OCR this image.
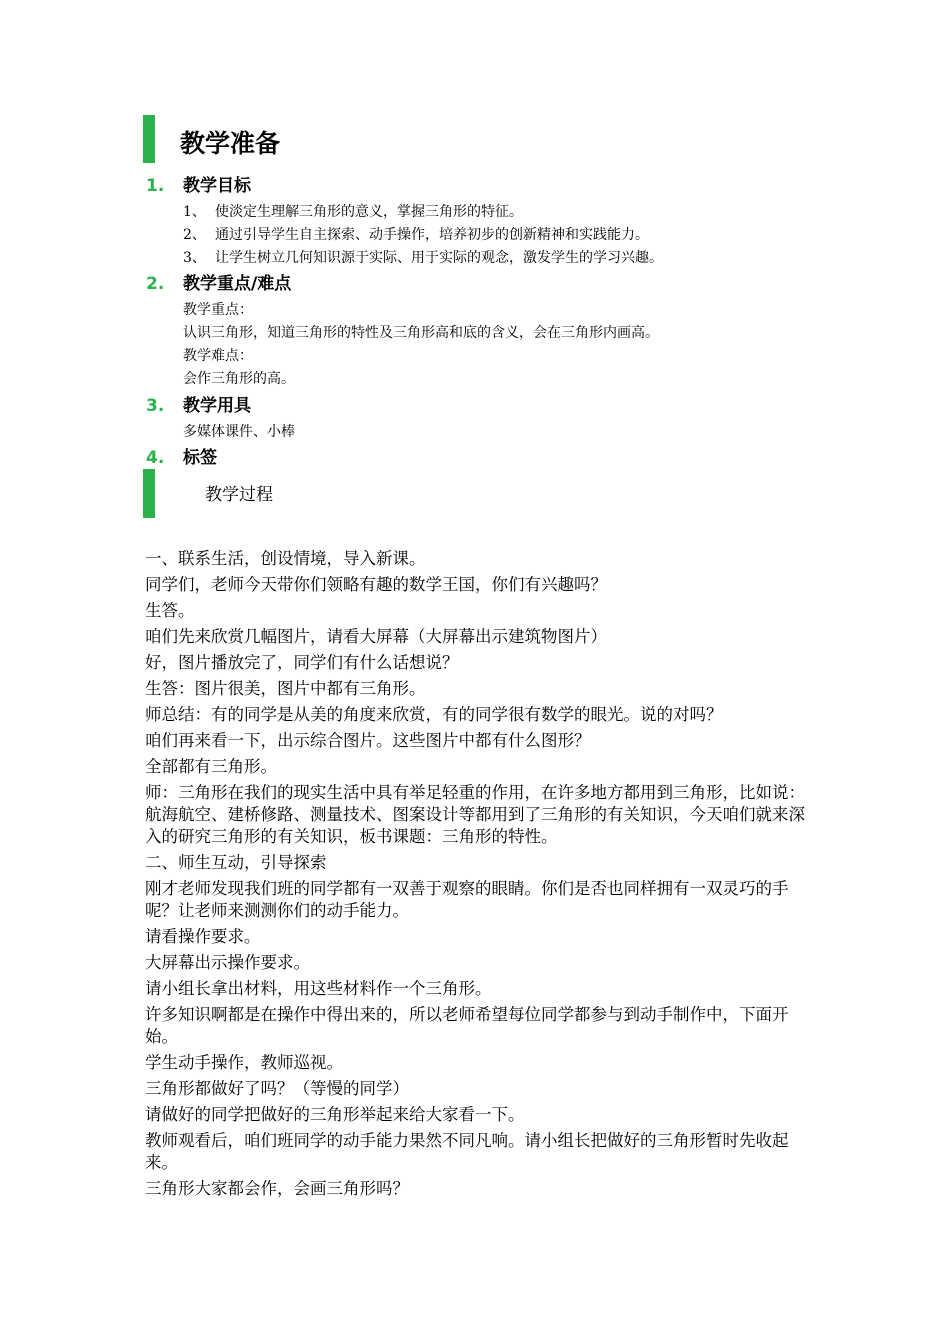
教学准备
1. 教学目标
1、 使淡定生理解三角形的意义，掌握三角形的特征。
2、 通过引导学生自主探索、动手操作，培养初步的创新精神和实践能力。
3、 让学生树立几何知识源于实际、用于实际的观念，激发学生的学习兴趣。
2. 教学重点/难点
教学重点：
认识三角形，知道三角形的特性及三角形高和底的含义，会在三角形内画高。
教学难点：
会作三角形的高。
3. 教学用具
多媒体课件、小棒
4. 标签
教学过程

一、联系生活，创设情境，导入新课。

同学们，老师今天带你们领略有趣的数学王国，你们有兴趣吗？

生答。

咱们先来欣赏几幅图片，请看大屏幕（大屏幕出示建筑物图片）

好，图片播放完了，同学们有什么话想说？

生答：图片很美，图片中都有三角形。

师总结：有的同学是从美的角度来欣赏，有的同学很有数学的眼光。说的对吗？

咱们再来看一下，出示综合图片。这些图片中都有什么图形？

全部都有三角形。

师：三角形在我们的现实生活中具有举足轻重的作用，在许多地方都用到三角形，比如说：航海航空、建桥修路、测量技术、图案设计等都用到了三角形的有关知识，今天咱们就来深入的研究三角形的有关知识，板书课题：三角形的特性。

二、师生互动，引导探索

刚才老师发现我们班的同学都有一双善于观察的眼睛。你们是否也同样拥有一双灵巧的手呢？让老师来测测你们的动手能力。

请看操作要求。

大屏幕出示操作要求。

请小组长拿出材料，用这些材料作一个三角形。

许多知识啊都是在操作中得出来的，所以老师希望每位同学都参与到动手制作中，下面开始。

学生动手操作，教师巡视。

三角形都做好了吗？（等慢的同学）

请做好的同学把做好的三角形举起来给大家看一下。

教师观看后，咱们班同学的动手能力果然不同凡响。请小组长把做好的三角形暂时先收起来。

三角形大家都会作，会画三角形吗？
